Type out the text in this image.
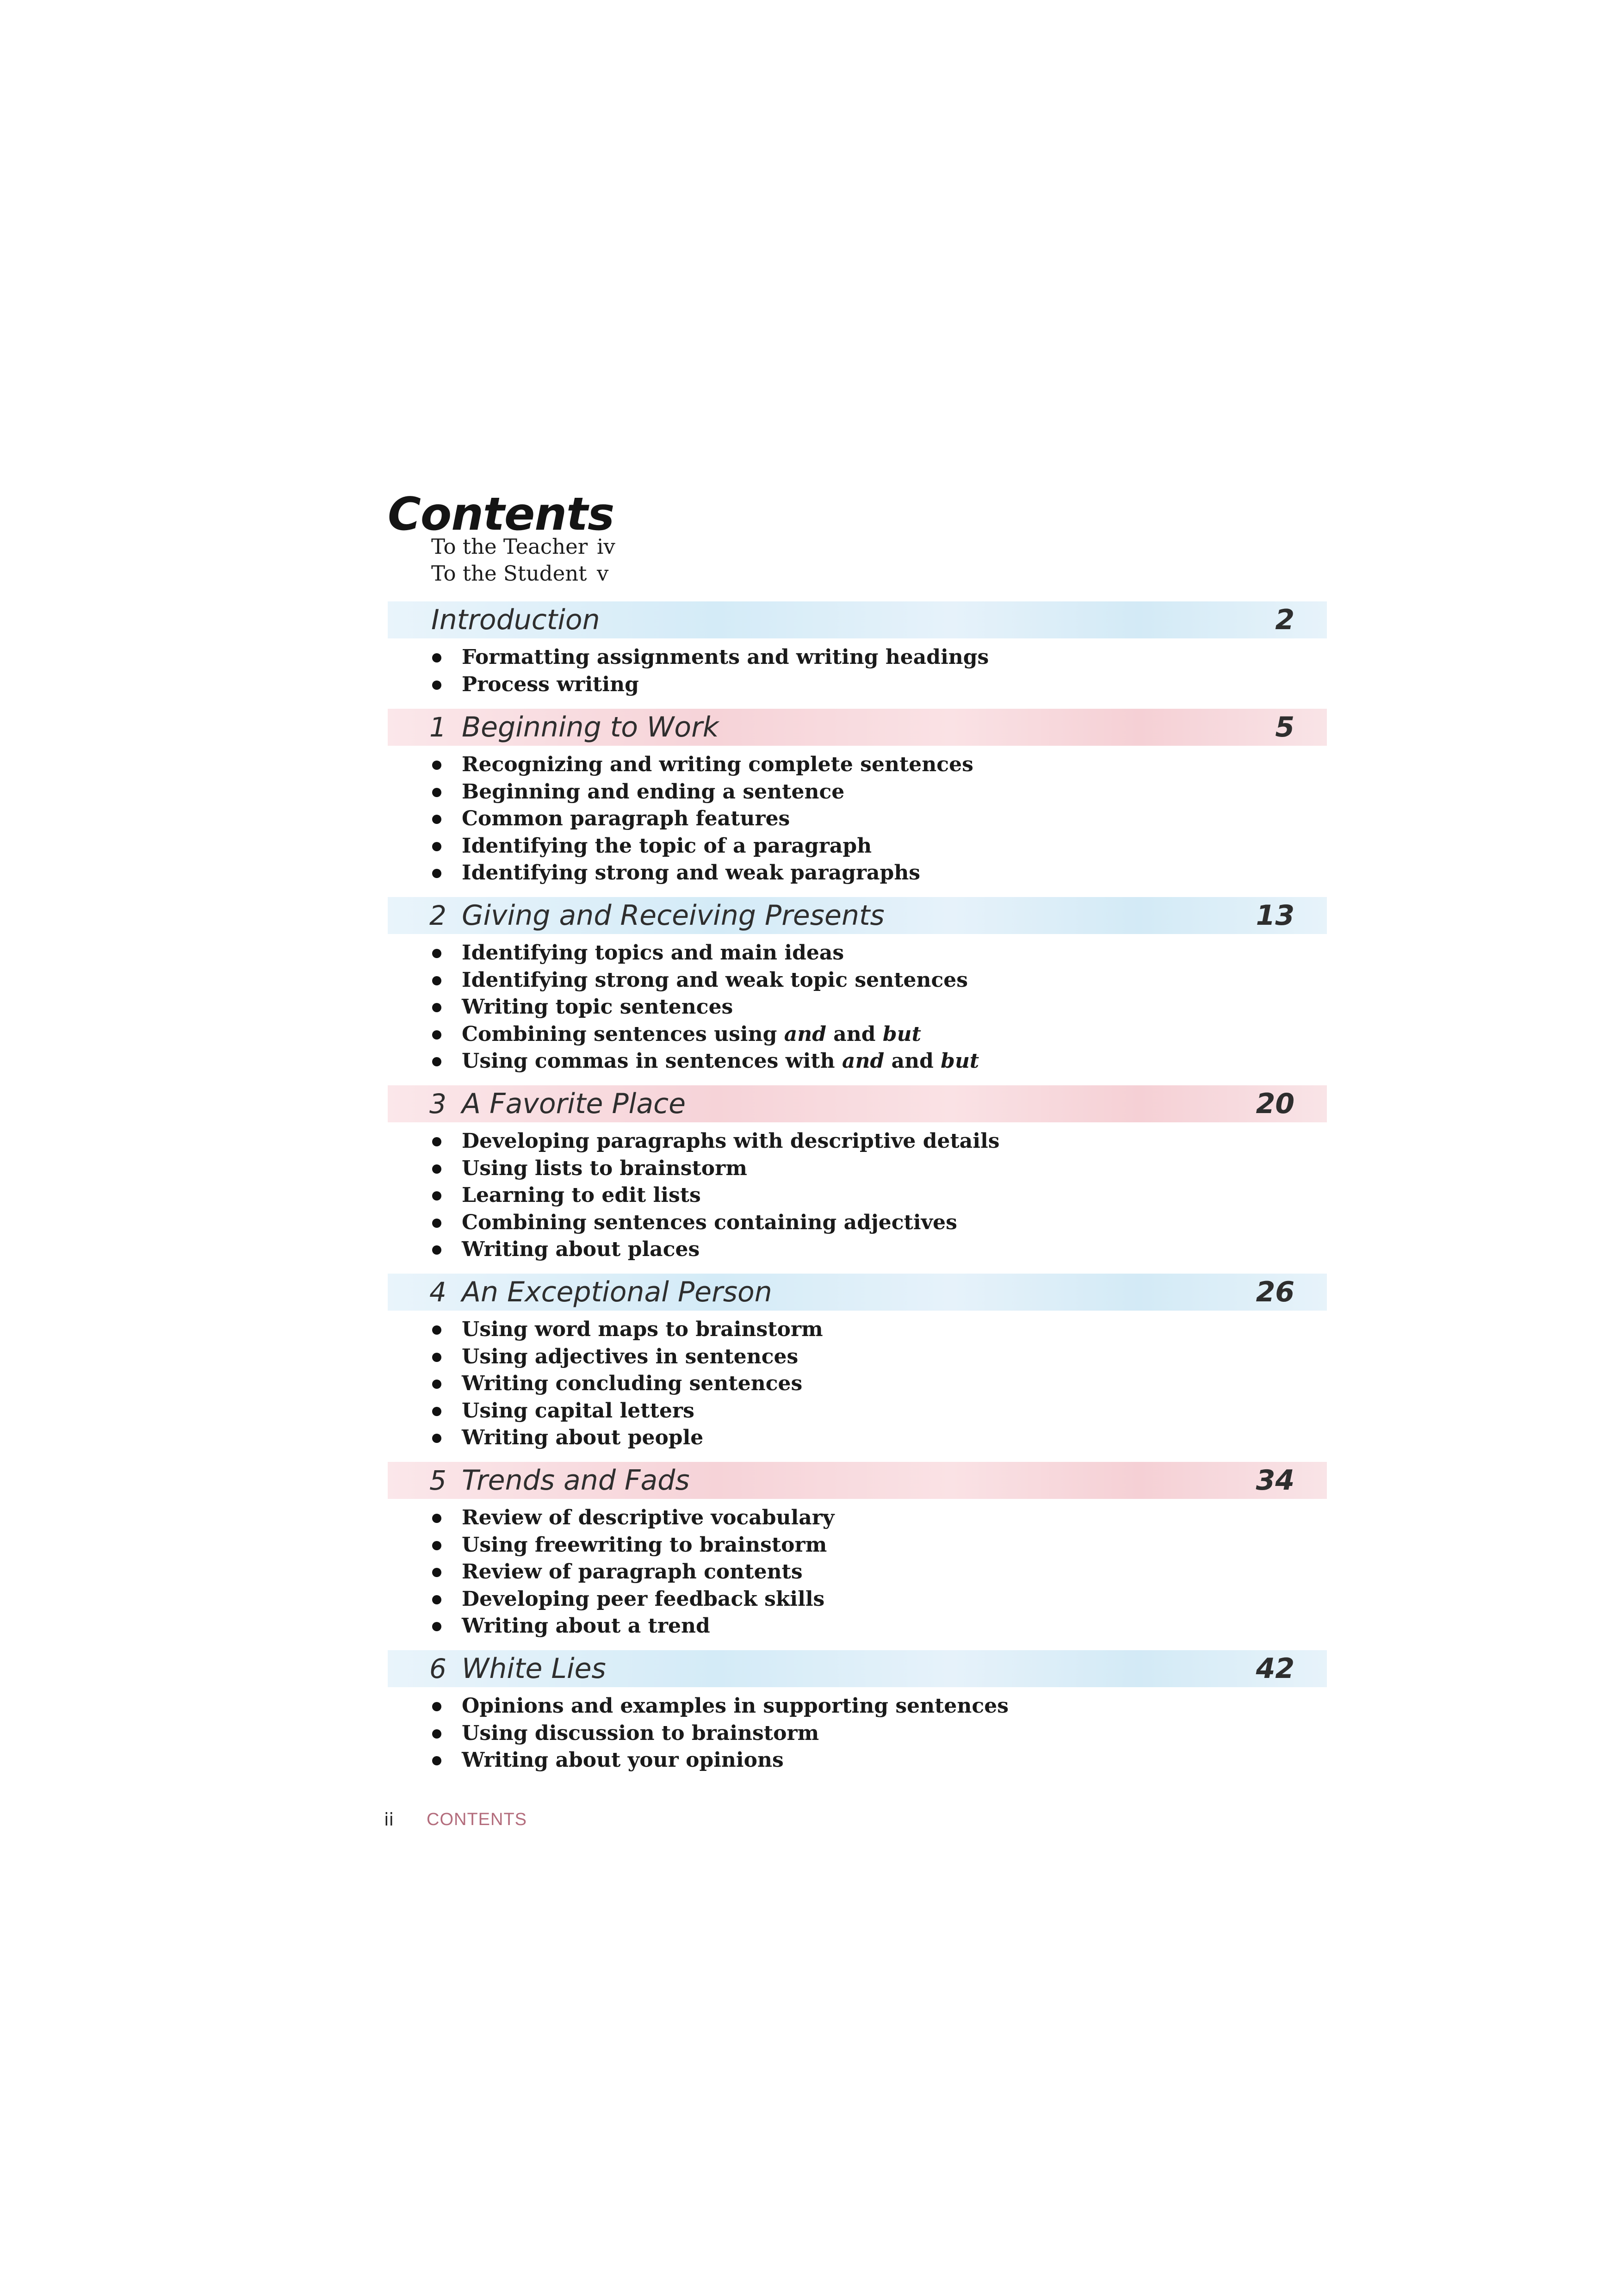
Contents
To the Teacher iv
To the Student v
Introduction	2
Formatting assignments and writing headings
Process writing
1 Beginning to Work	5
Recognizing and writing complete sentences
Beginning and ending a sentence
Common paragraph features
Identifying the topic of a paragraph
Identifying strong and weak paragraphs
2 Giving and Receiving Presents	13
Identifying topics and main ideas
Identifying strong and weak topic sentences
Writing topic sentences
Combining sentences using and and but
Using commas in sentences with and and but
3 A Favorite Place	20
Developing paragraphs with descriptive details
Using lists to brainstorm
Learning to edit lists
Combining sentences containing adjectives
Writing about places
4 An Exceptional Person	26
Using word maps to brainstorm
Using adjectives in sentences
Writing concluding sentences
Using capital letters
Writing about people
5 Trends and Fads	34
Review of descriptive vocabulary
Using freewriting to brainstorm
Review of paragraph contents
Developing peer feedback skills
Writing about a trend
6 White Lies	42
Opinions and examples in supporting sentences
Using discussion to brainstorm
Writing about your opinions
ii CONTENTS
